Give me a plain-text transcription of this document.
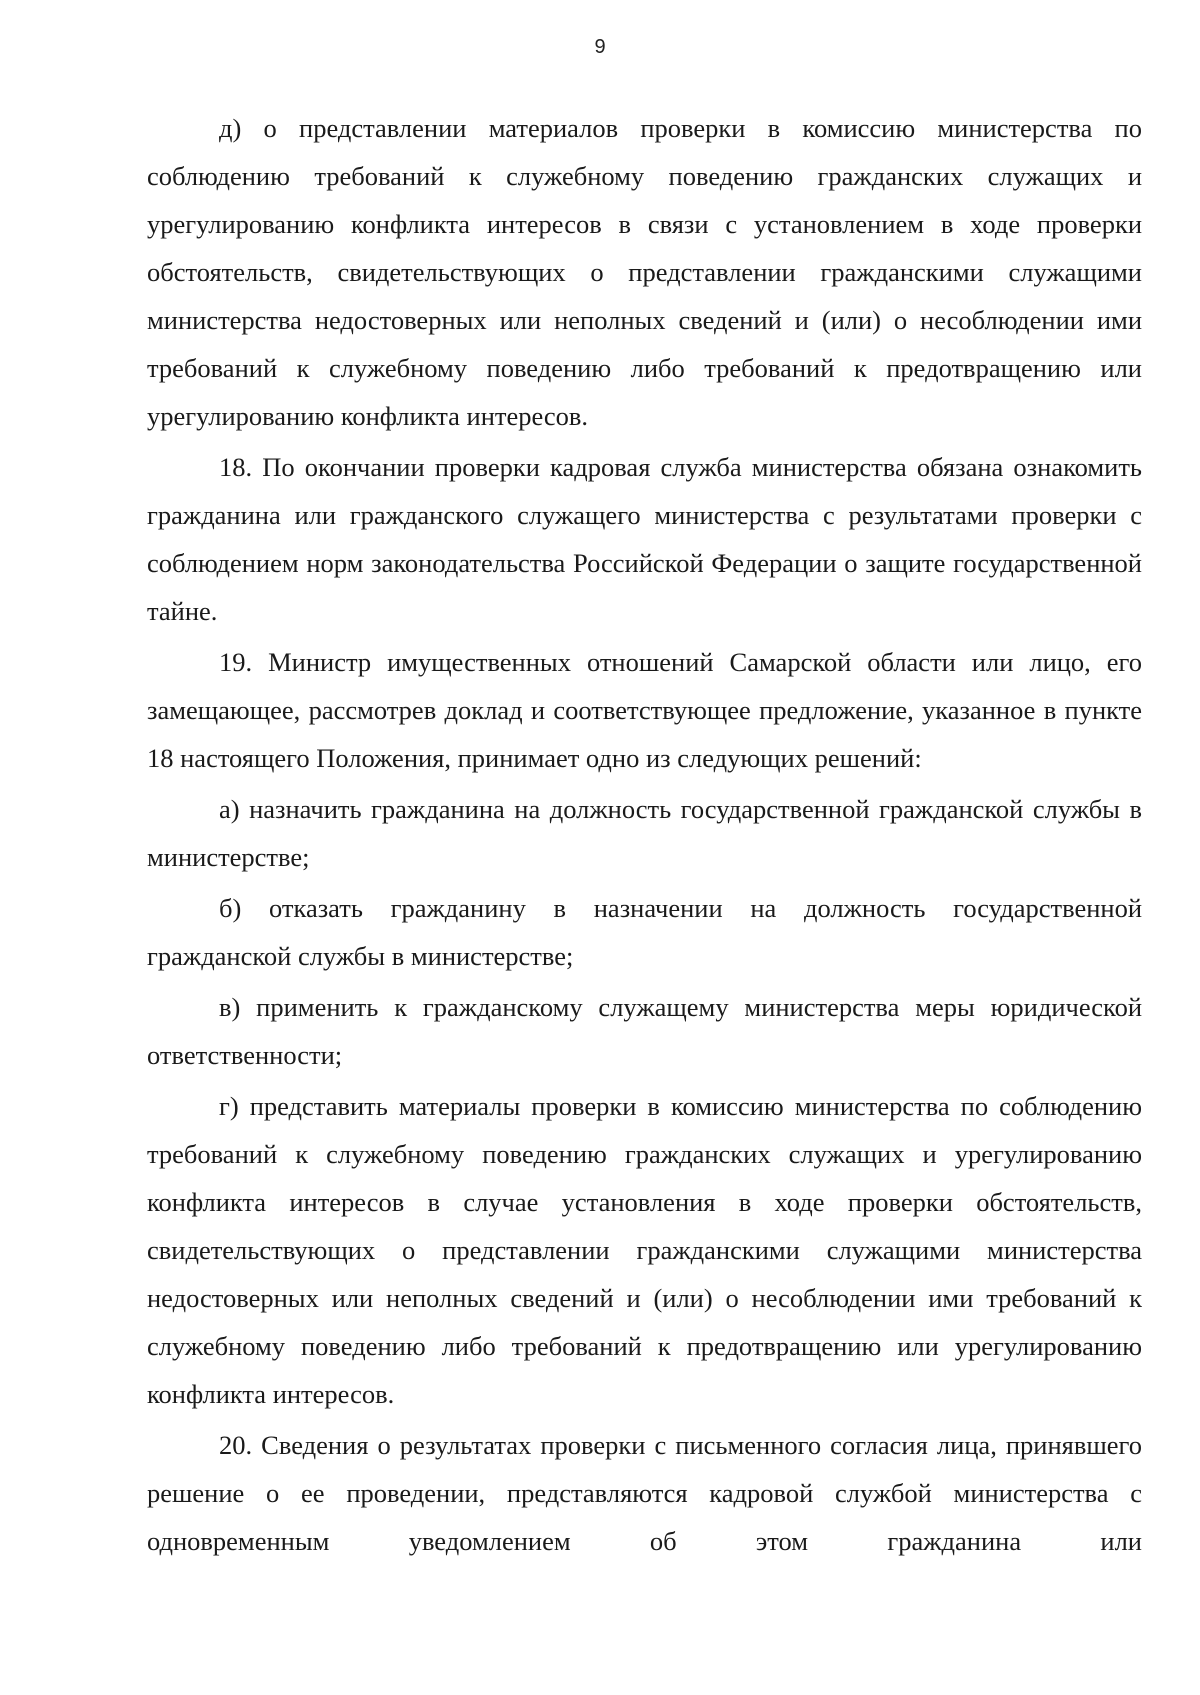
9

д) о представлении материалов проверки в комиссию министерства по соблюдению требований к служебному поведению гражданских служащих и урегулированию конфликта интересов в связи с установлением в ходе проверки обстоятельств, свидетельствующих о представлении гражданскими служащими министерства недостоверных или неполных сведений и (или) о несоблюдении ими требований к служебному поведению либо требований к предотвращению или урегулированию конфликта интересов.

18. По окончании проверки кадровая служба министерства обязана ознакомить гражданина или гражданского служащего министерства с результатами проверки с соблюдением норм законодательства Российской Федерации о защите государственной тайне.

19. Министр имущественных отношений Самарской области или лицо, его замещающее, рассмотрев доклад и соответствующее предложение, указанное в пункте 18 настоящего Положения, принимает одно из следующих решений:

а) назначить гражданина на должность государственной гражданской службы в министерстве;

б) отказать гражданину в назначении на должность государственной гражданской службы в министерстве;

в) применить к гражданскому служащему министерства меры юридической ответственности;

г) представить материалы проверки в комиссию министерства по соблюдению требований к служебному поведению гражданских служащих и урегулированию конфликта интересов в случае установления в ходе проверки обстоятельств, свидетельствующих о представлении гражданскими служащими министерства недостоверных или неполных сведений и (или) о несоблюдении ими требований к служебному поведению либо требований к предотвращению или урегулированию конфликта интересов.

20. Сведения о результатах проверки с письменного согласия лица, принявшего решение о ее проведении, представляются кадровой службой министерства с одновременным уведомлением об этом гражданина или
